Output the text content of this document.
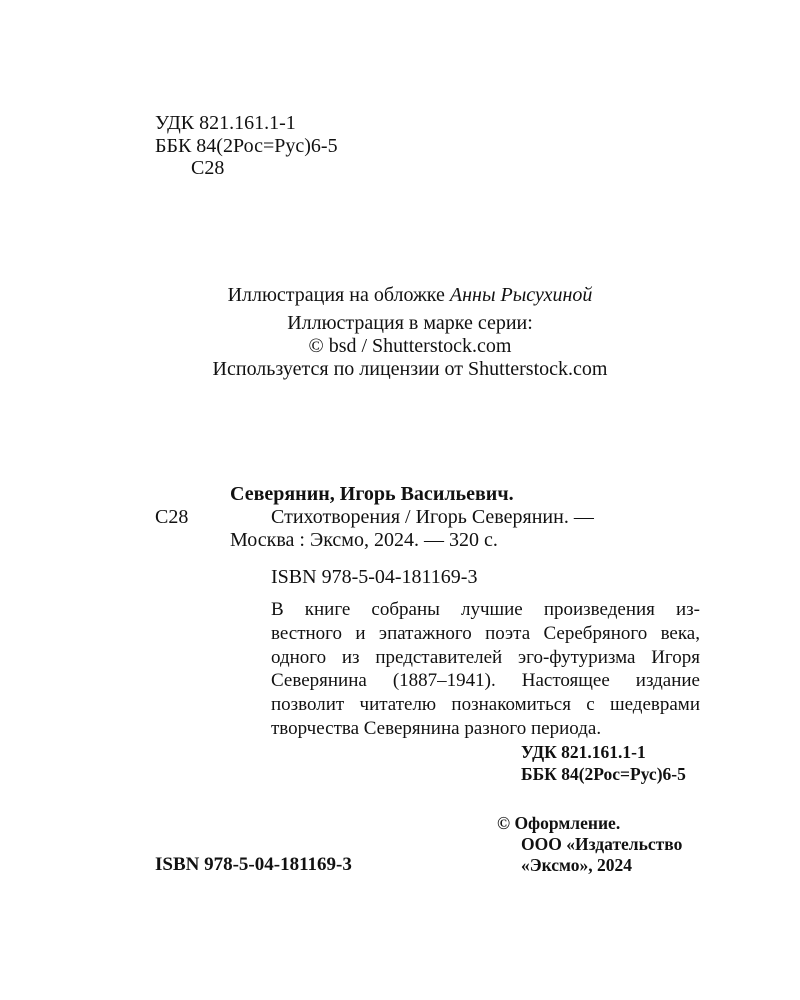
УДК 821.161.1-1
ББК 84(2Рос=Рус)6-5
С28
Иллюстрация на обложке Анны Рысухиной
Иллюстрация в марке серии:
© bsd / Shutterstock.com
Используется по лицензии от Shutterstock.com
Северянин, Игорь Васильевич.
С28	Стихотворения / Игорь Северянин. —
Москва : Эксмо, 2024. — 320 с.
ISBN 978-5-04-181169-3
В книге собраны лучшие произведения из-
вестного и эпатажного поэта Серебряного века,
одного из представителей эго-футуризма Игоря
Северянина (1887–1941). Настоящее издание
позволит читателю познакомиться с шедеврами
творчества Северянина разного периода.
УДК 821.161.1-1
ББК 84(2Рос=Рус)6-5
ISBN 978-5-04-181169-3
© Оформление.
ООО «Издательство
«Эксмо», 2024
